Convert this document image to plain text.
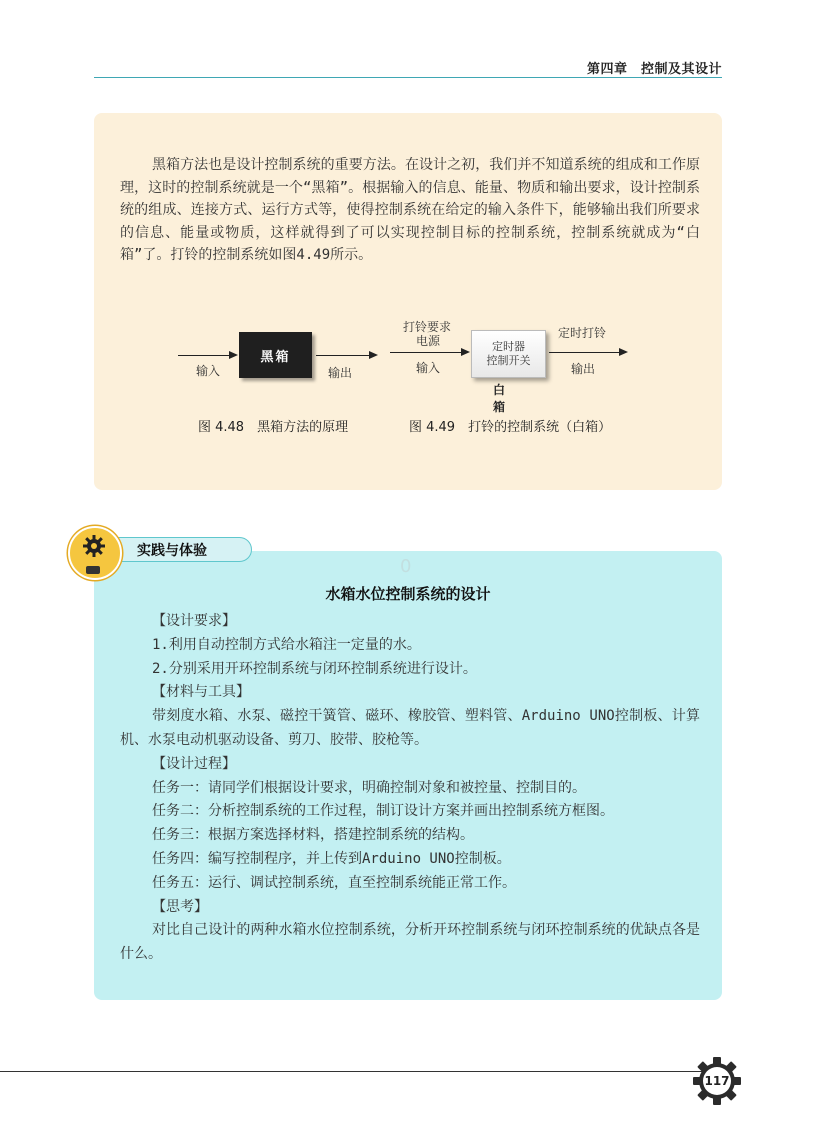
第四章　控制及其设计

黑箱方法也是设计控制系统的重要方法。在设计之初，我们并不知道系统的组成和工作原理，这时的控制系统就是一个“黑箱”。根据输入的信息、能量、物质和输出要求，设计控制系统的组成、连接方式、运行方式等，使得控制系统在给定的输入条件下，能够输出我们所要求的信息、能量或物质，这样就得到了可以实现控制目标的控制系统，控制系统就成为“白箱”了。打铃的控制系统如图4.49所示。

黑箱
输入	输出
图 4.48　黑箱方法的原理
打铃要求
电源
输入
定时器
控制开关
白箱
定时打铃
输出
图 4.49　打铃的控制系统（白箱）
实践与体验
0
水箱水位控制系统的设计
【设计要求】
1.利用自动控制方式给水箱注一定量的水。
2.分别采用开环控制系统与闭环控制系统进行设计。
【材料与工具】
带刻度水箱、水泵、磁控干簧管、磁环、橡胶管、塑料管、Arduino UNO控制板、计算机、水泵电动机驱动设备、剪刀、胶带、胶枪等。
【设计过程】
任务一：请同学们根据设计要求，明确控制对象和被控量、控制目的。
任务二：分析控制系统的工作过程，制订设计方案并画出控制系统方框图。
任务三：根据方案选择材料，搭建控制系统的结构。
任务四：编写控制程序，并上传到Arduino UNO控制板。
任务五：运行、调试控制系统，直至控制系统能正常工作。
【思考】
对比自己设计的两种水箱水位控制系统，分析开环控制系统与闭环控制系统的优缺点各是什么。
117
